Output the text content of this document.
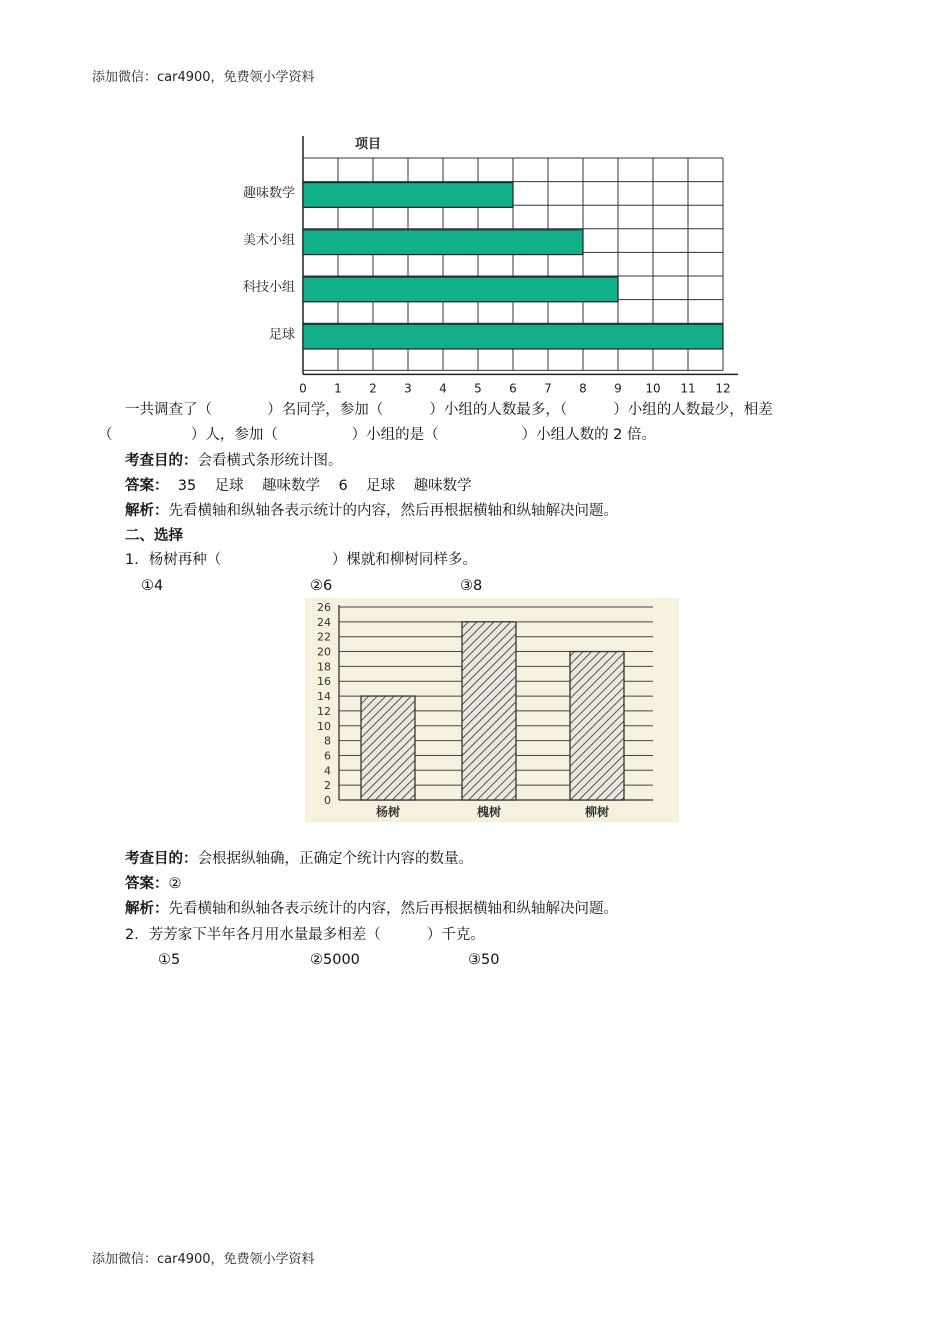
添加微信：car4900，免费领小学资料
项目
趣味数学
美术小组
科技小组
足球
0 1 2 3 4 5 6 7 8 9 10 11 12
一共调查了（            ）名同学，参加（          ）小组的人数最多，（          ）小组的人数最少，相差
（                 ）人，参加（                ）小组的是（                  ）小组人数的 2 倍。
考查目的：会看横式条形统计图。
答案：  35    足球    趣味数学    6    足球    趣味数学
解析：先看横轴和纵轴各表示统计的内容，然后再根据横轴和纵轴解决问题。
二、选择
1．杨树再种（                        ）棵就和柳树同样多。
①4	②6	③8
0
2
4
6
8
10
12
14
16
18
20
22
24
26
杨树	槐树	柳树
考查目的：会根据纵轴确，正确定个统计内容的数量。
答案：②
解析：先看横轴和纵轴各表示统计的内容，然后再根据横轴和纵轴解决问题。
2．芳芳家下半年各月用水量最多相差（          ）千克。
①5	②5000	③50
添加微信：car4900，免费领小学资料
